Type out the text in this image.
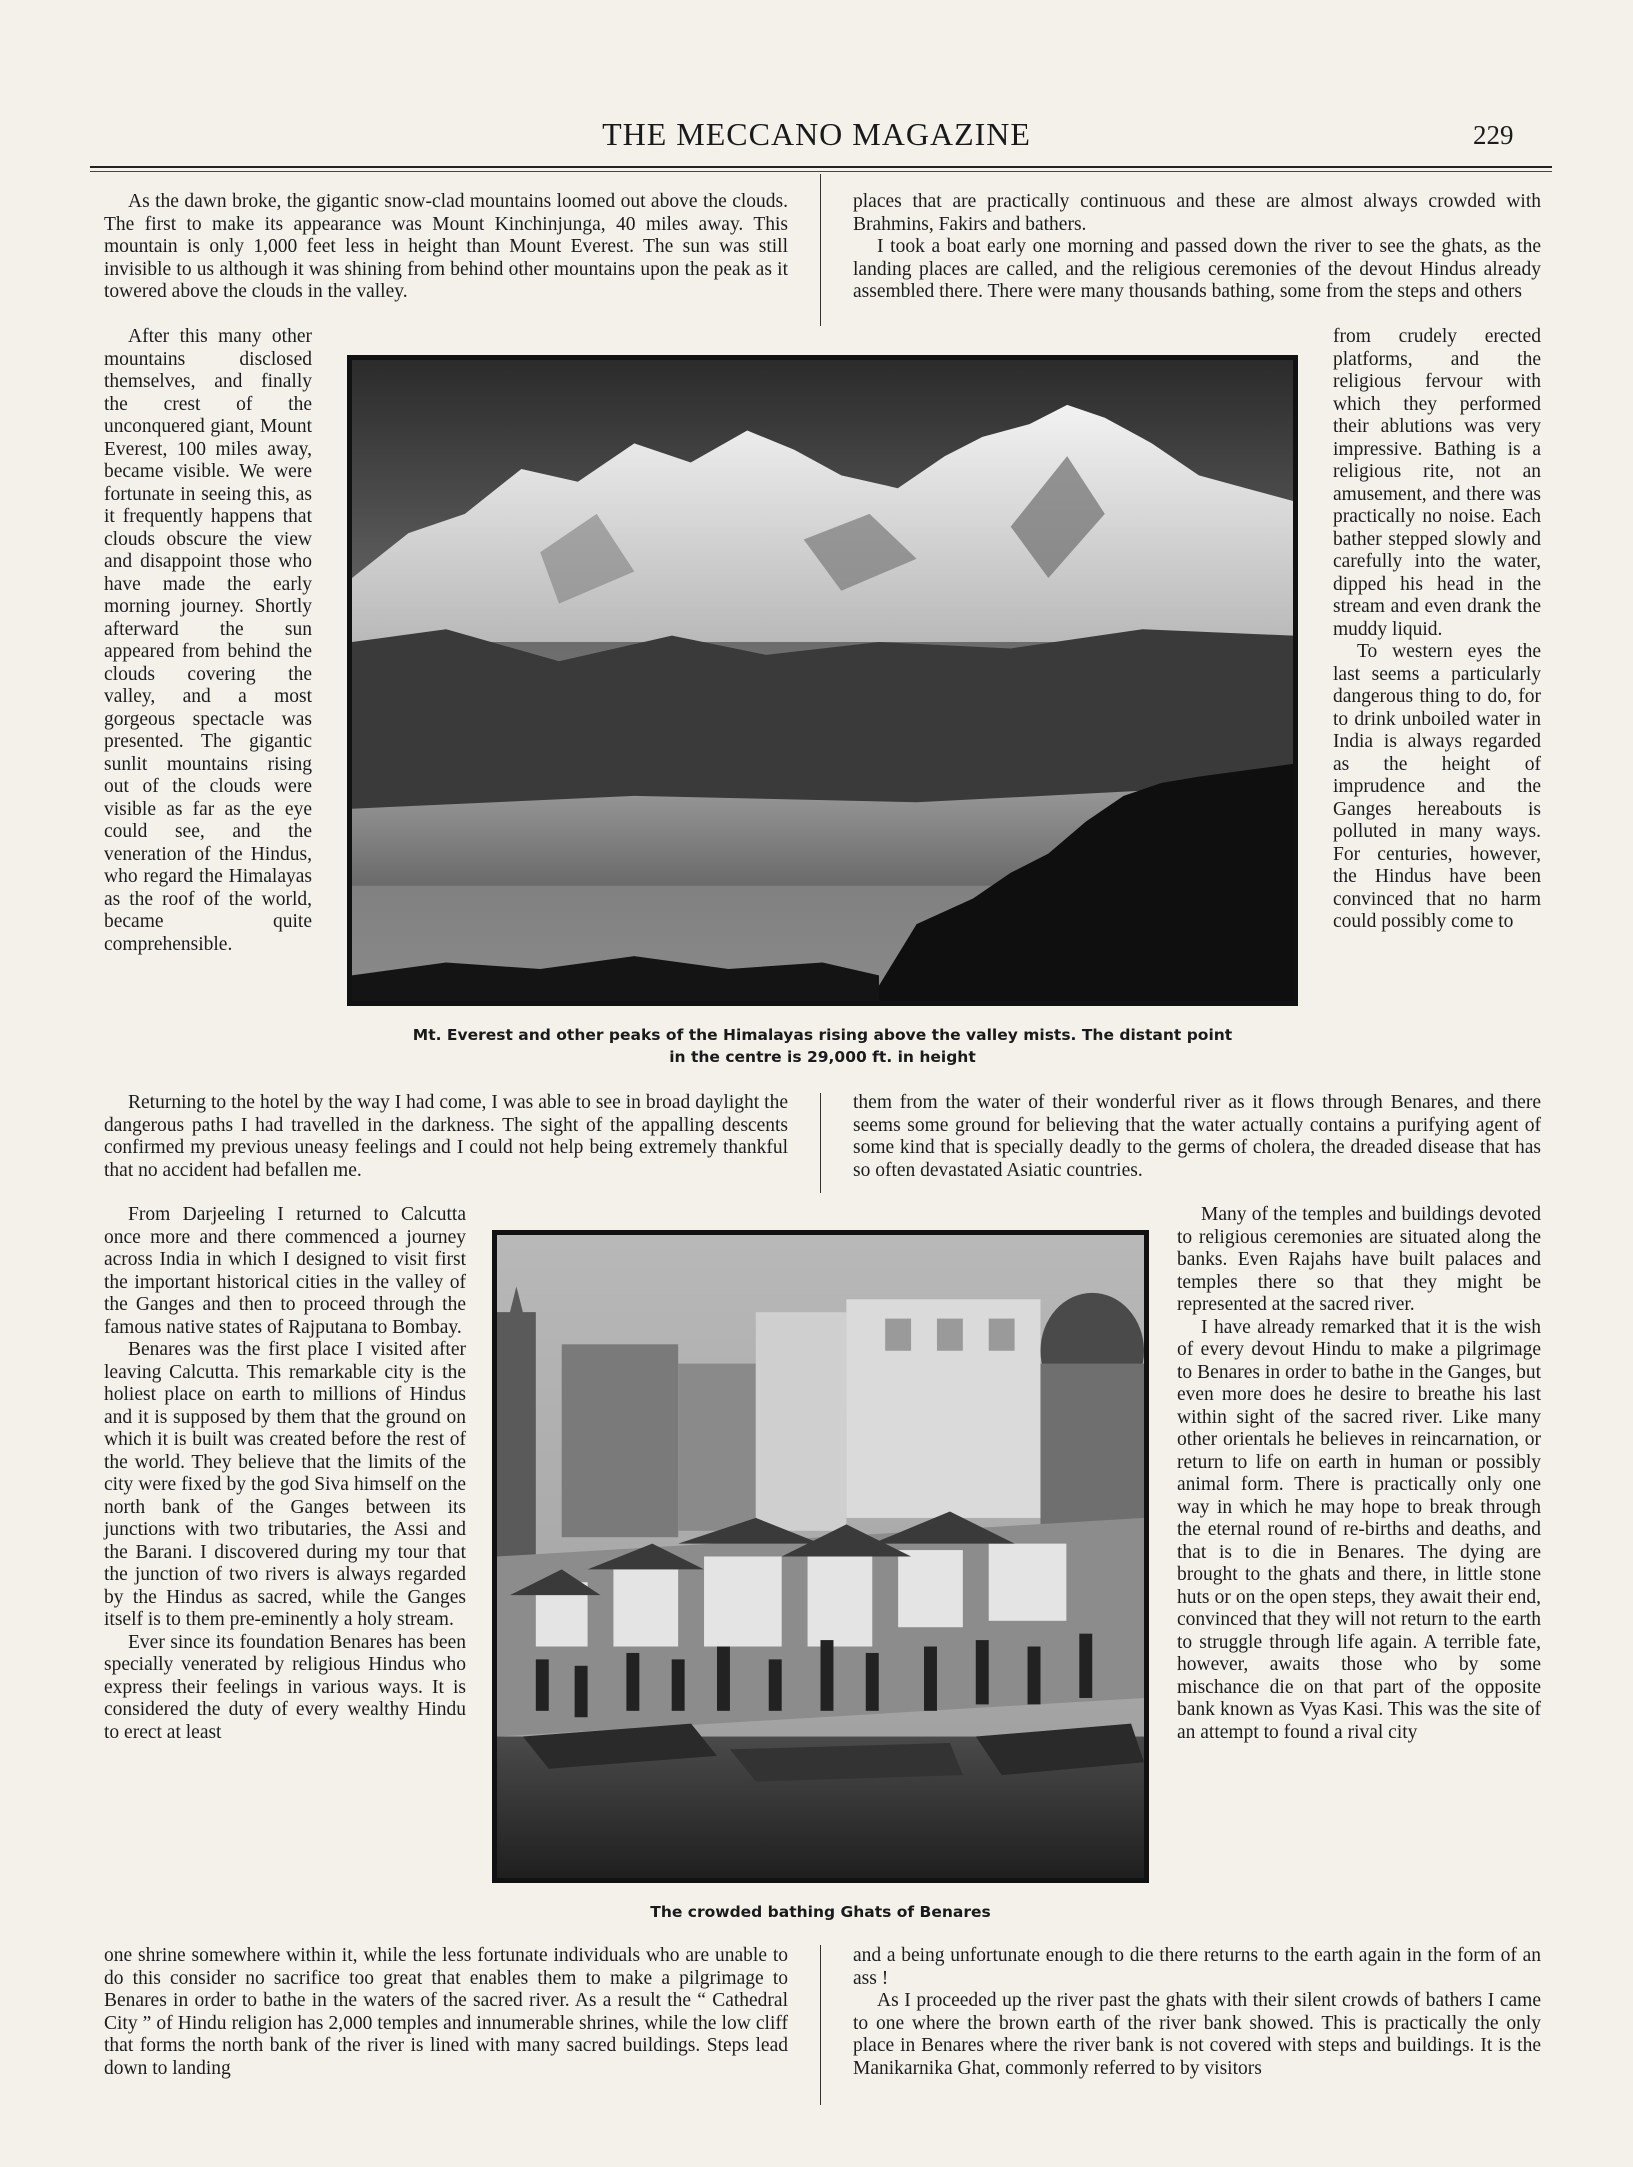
THE MECCANO MAGAZINE	229

As the dawn broke, the gigantic snow-clad mountains loomed out above the clouds. The first to make its appearance was Mount Kinchinjunga, 40 miles away. This mountain is only 1,000 feet less in height than Mount Everest. The sun was still invisible to us although it was shining from behind other mountains upon the peak as it towered above the clouds in the valley.

places that are practically continuous and these are almost always crowded with Brahmins, Fakirs and bathers.

I took a boat early one morning and passed down the river to see the ghats, as the landing places are called, and the religious ceremonies of the devout Hindus already assembled there. There were many thousands bathing, some from the steps and others

After this many other mountains disclosed themselves, and finally the crest of the unconquered giant, Mount Everest, 100 miles away, became visible. We were fortunate in seeing this, as it frequently happens that clouds obscure the view and disappoint those who have made the early morning journey. Shortly afterward the sun appeared from behind the clouds covering the valley, and a most gorgeous spectacle was presented. The gigantic sunlit mountains rising out of the clouds were visible as far as the eye could see, and the veneration of the Hindus, who regard the Himalayas as the roof of the world, became quite comprehensible.

from crudely erected platforms, and the religious fervour with which they performed their ablutions was very impressive. Bathing is a religious rite, not an amusement, and there was practically no noise. Each bather stepped slowly and carefully into the water, dipped his head in the stream and even drank the muddy liquid.

To western eyes the last seems a particularly dangerous thing to do, for to drink unboiled water in India is always regarded as the height of imprudence and the Ganges hereabouts is polluted in many ways. For centuries, however, the Hindus have been convinced that no harm could possibly come to

Mt. Everest and other peaks of the Himalayas rising above the valley mists. The distant point
in the centre is 29,000 ft. in height

Returning to the hotel by the way I had come, I was able to see in broad daylight the dangerous paths I had travelled in the darkness. The sight of the appalling descents confirmed my previous uneasy feelings and I could not help being extremely thankful that no accident had befallen me.

them from the water of their wonderful river as it flows through Benares, and there seems some ground for believing that the water actually contains a purifying agent of some kind that is specially deadly to the germs of cholera, the dreaded disease that has so often devastated Asiatic countries.

From Darjeeling I returned to Calcutta once more and there commenced a journey across India in which I designed to visit first the important historical cities in the valley of the Ganges and then to proceed through the famous native states of Rajputana to Bombay.

Benares was the first place I visited after leaving Calcutta. This remarkable city is the holiest place on earth to millions of Hindus and it is supposed by them that the ground on which it is built was created before the rest of the world. They believe that the limits of the city were fixed by the god Siva himself on the north bank of the Ganges between its junctions with two tributaries, the Assi and the Barani. I discovered during my tour that the junction of two rivers is always regarded by the Hindus as sacred, while the Ganges itself is to them pre-eminently a holy stream.

Ever since its foundation Benares has been specially venerated by religious Hindus who express their feelings in various ways. It is considered the duty of every wealthy Hindu to erect at least

Many of the temples and buildings devoted to religious ceremonies are situated along the banks. Even Rajahs have built palaces and temples there so that they might be represented at the sacred river.

I have already remarked that it is the wish of every devout Hindu to make a pilgrimage to Benares in order to bathe in the Ganges, but even more does he desire to breathe his last within sight of the sacred river. Like many other orientals he believes in reincarnation, or return to life on earth in human or possibly animal form. There is practically only one way in which he may hope to break through the eternal round of re-births and deaths, and that is to die in Benares. The dying are brought to the ghats and there, in little stone huts or on the open steps, they await their end, convinced that they will not return to the earth to struggle through life again. A terrible fate, however, awaits those who by some mischance die on that part of the opposite bank known as Vyas Kasi. This was the site of an attempt to found a rival city

The crowded bathing Ghats of Benares

one shrine somewhere within it, while the less fortunate individuals who are unable to do this consider no sacrifice too great that enables them to make a pilgrimage to Benares in order to bathe in the waters of the sacred river. As a result the “ Cathedral City ” of Hindu religion has 2,000 temples and innumerable shrines, while the low cliff that forms the north bank of the river is lined with many sacred buildings. Steps lead down to landing

and a being unfortunate enough to die there returns to the earth again in the form of an ass !

As I proceeded up the river past the ghats with their silent crowds of bathers I came to one where the brown earth of the river bank showed. This is practically the only place in Benares where the river bank is not covered with steps and buildings. It is the Manikarnika Ghat, commonly referred to by visitors
